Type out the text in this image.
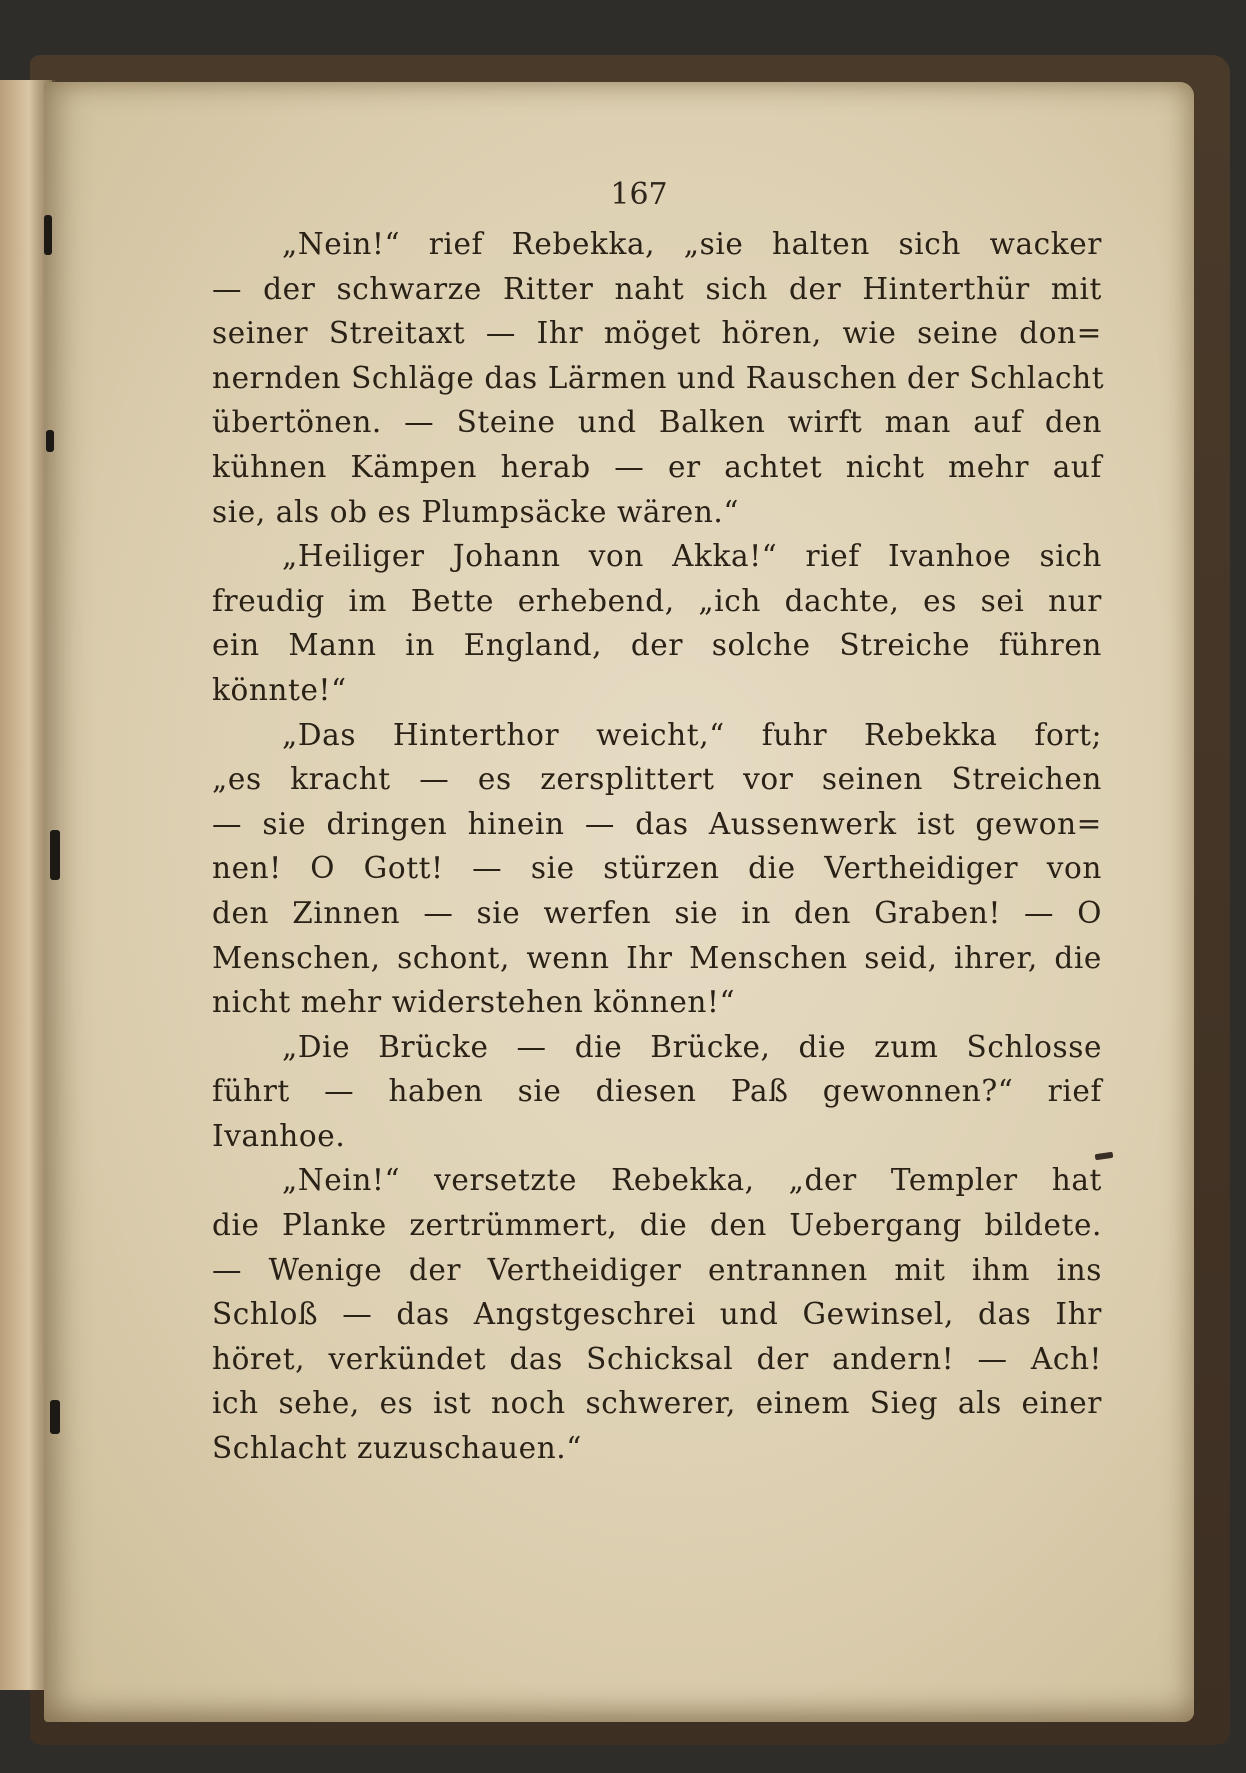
167
„Nein!“ rief Rebekka, „sie halten sich wacker
— der schwarze Ritter naht sich der Hinterthür mit
seiner Streitaxt — Ihr möget hören, wie seine don=
nernden Schläge das Lärmen und Rauschen der Schlacht
übertönen. — Steine und Balken wirft man auf den
kühnen Kämpen herab — er achtet nicht mehr auf
sie, als ob es Plumpsäcke wären.“
„Heiliger Johann von Akka!“ rief Ivanhoe sich
freudig im Bette erhebend, „ich dachte, es sei nur
ein Mann in England, der solche Streiche führen
könnte!“
„Das Hinterthor weicht,“ fuhr Rebekka fort;
„es kracht — es zersplittert vor seinen Streichen
— sie dringen hinein — das Aussenwerk ist gewon=
nen! O Gott! — sie stürzen die Vertheidiger von
den Zinnen — sie werfen sie in den Graben! — O
Menschen, schont, wenn Ihr Menschen seid, ihrer, die
nicht mehr widerstehen können!“
„Die Brücke — die Brücke, die zum Schlosse
führt — haben sie diesen Paß gewonnen?“ rief
Ivanhoe.
„Nein!“ versetzte Rebekka, „der Templer hat
die Planke zertrümmert, die den Uebergang bildete.
— Wenige der Vertheidiger entrannen mit ihm ins
Schloß — das Angstgeschrei und Gewinsel, das Ihr
höret, verkündet das Schicksal der andern! — Ach!
ich sehe, es ist noch schwerer, einem Sieg als einer
Schlacht zuzuschauen.“
